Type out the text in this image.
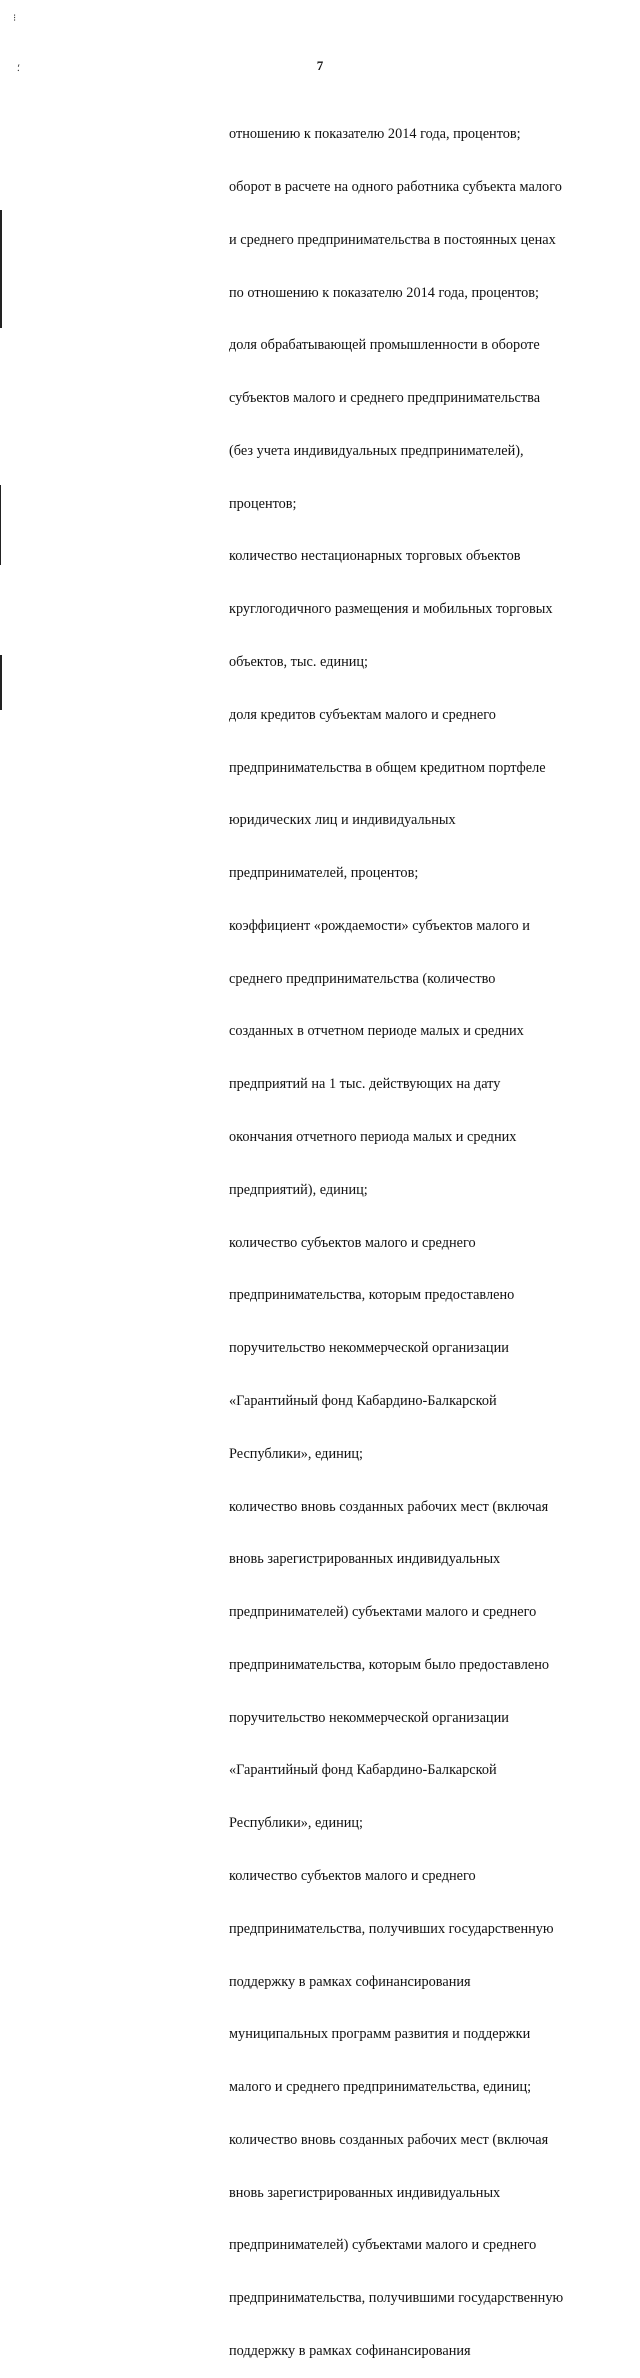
7

отношению к показателю 2014 года, процентов;

оборот в расчете на одного работника субъекта малого

и среднего предпринимательства в постоянных ценах

по отношению к показателю 2014 года, процентов;

доля обрабатывающей промышленности в обороте

субъектов малого и среднего предпринимательства

(без учета индивидуальных предпринимателей),

процентов;

количество нестационарных торговых объектов

круглогодичного размещения и мобильных торговых

объектов, тыс. единиц;

доля кредитов субъектам малого и среднего

предпринимательства в общем кредитном портфеле

юридических лиц и индивидуальных

предпринимателей, процентов;

коэффициент «рождаемости» субъектов малого и

среднего предпринимательства (количество

созданных в отчетном периоде малых и средних

предприятий на 1 тыс. действующих на дату

окончания отчетного периода малых и средних

предприятий), единиц;

количество субъектов малого и среднего

предпринимательства, которым предоставлено

поручительство некоммерческой организации

«Гарантийный фонд Кабардино-Балкарской

Республики», единиц;

количество вновь созданных рабочих мест (включая

вновь зарегистрированных индивидуальных

предпринимателей) субъектами малого и среднего

предпринимательства, которым было предоставлено

поручительство некоммерческой организации

«Гарантийный фонд Кабардино-Балкарской

Республики», единиц;

количество субъектов малого и среднего

предпринимательства, получивших государственную

поддержку в рамках софинансирования

муниципальных программ развития и поддержки

малого и среднего предпринимательства, единиц;

количество вновь созданных рабочих мест (включая

вновь зарегистрированных индивидуальных

предпринимателей) субъектами малого и среднего

предпринимательства, получившими государственную

поддержку в рамках софинансирования

⁝
⸵
